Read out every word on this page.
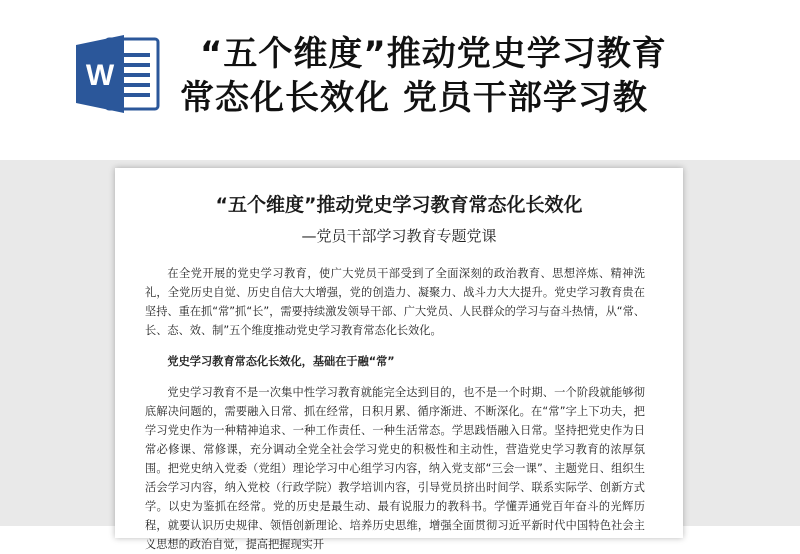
W
“五个维度”推动党史学习教育
常态化长效化 党员干部学习教
“五个维度”推动党史学习教育常态化长效化
—党员干部学习教育专题党课

在全党开展的党史学习教育，使广大党员干部受到了全面深刻的政治教育、思想淬炼、精神洗礼，全党历史自觉、历史自信大大增强，党的创造力、凝聚力、战斗力大大提升。党史学习教育贵在坚持、重在抓“常”抓“长”，需要持续激发领导干部、广大党员、人民群众的学习与奋斗热情，从“常、长、态、效、制”五个维度推动党史学习教育常态化长效化。

党史学习教育常态化长效化，基础在于融“常”

党史学习教育不是一次集中性学习教育就能完全达到目的，也不是一个时期、一个阶段就能够彻底解决问题的，需要融入日常、抓在经常，日积月累、循序渐进、不断深化。在“常”字上下功夫，把学习党史作为一种精神追求、一种工作责任、一种生活常态。学思践悟融入日常。坚持把党史作为日常必修课、常修课，充分调动全党全社会学习党史的积极性和主动性，营造党史学习教育的浓厚氛围。把党史纳入党委（党组）理论学习中心组学习内容，纳入党支部“三会一课”、主题党日、组织生活会学习内容，纳入党校（行政学院）教学培训内容，引导党员挤出时间学、联系实际学、创新方式学。以史为鉴抓在经常。党的历史是最生动、最有说服力的教科书。学懂弄通党百年奋斗的光辉历程，就要认识历史规律、领悟创新理论、培养历史思维，增强全面贯彻习近平新时代中国特色社会主义思想的政治自觉，提高把握现实开
